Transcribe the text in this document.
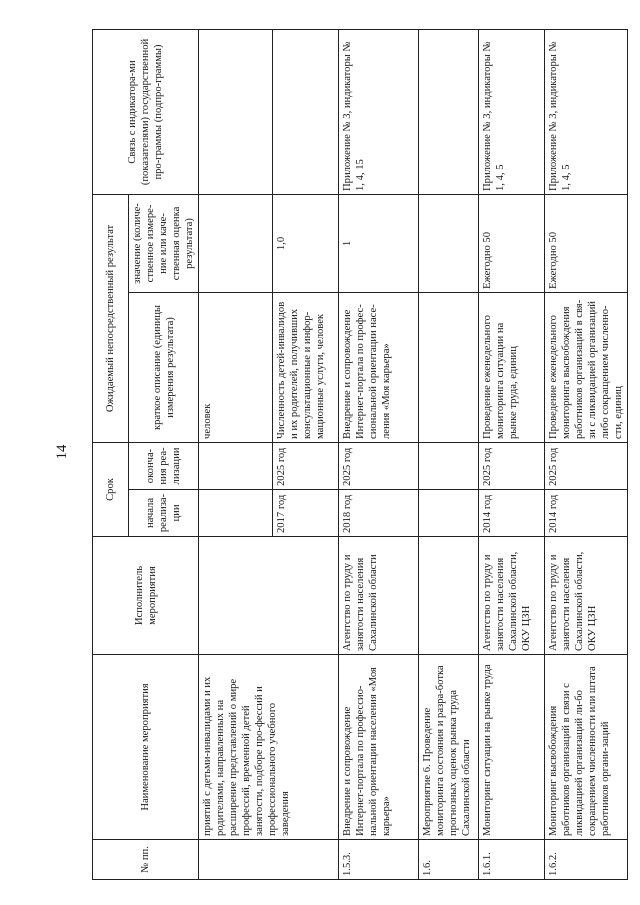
14
№ пп.	Наименование мероприятия	Исполнитель мероприятия	Срок		Ожидаемый непосредственный результат		Связь с индикатора-ми (показателями) государственной про-граммы (подпро-граммы)
			начала реализа-ции	оконча-ния реа-лизации	краткое описание (единицы измерения результата)	значение (количе-ственное измере-ние или каче-ственная оценка результата)	
	приятий с детьми-инвалидами и их родителями, направленных на расширение представлений о мире профессий, временной детей занятости, подборе про-фессий и профессионального учебного заведения				человек		
			2017 год	2025 год	Численность детей-инвалидов и их родителей, получивших консультационные и инфор-мационные услуги, человек	1,0	
1.5.3.	Внедрение и сопровождение Интернет-портала по профессио-нальной ориентации населения «Моя карьера»	Агентство по труду и занятости населения Сахалинской области	2018 год	2025 год	Внедрение и сопровождение Интернет-портала по профес-сиональной ориентации насе-ления «Моя карьера»	1	Приложение № 3, индикаторы № 1, 4, 15
1.6.	Мероприятие 6. Проведение мониторинга состояния и разра-ботка прогнозных оценок рынка труда Сахалинской области						
1.6.1.	Мониторинг ситуации на рынке труда	Агентство по труду и занятости населения Сахалинской области, ОКУ ЦЗН	2014 год	2025 год	Проведение еженедельного мониторинга ситуации на рынке труда, единиц	Ежегодно 50	Приложение № 3, индикаторы № 1, 4, 5
1.6.2.	Мониторинг высвобождения работников организаций в связи с ликвидацией организаций ли-бо сокращением численности или штата работников органи-заций	Агентство по труду и занятости населения Сахалинской области, ОКУ ЦЗН	2014 год	2025 год	Проведение еженедельного мониторинга высвобождения работников организаций в свя-зи с ликвидацией организаций либо сокращением численно-сти, единиц	Ежегодно 50	Приложение № 3, индикаторы № 1, 4, 5
